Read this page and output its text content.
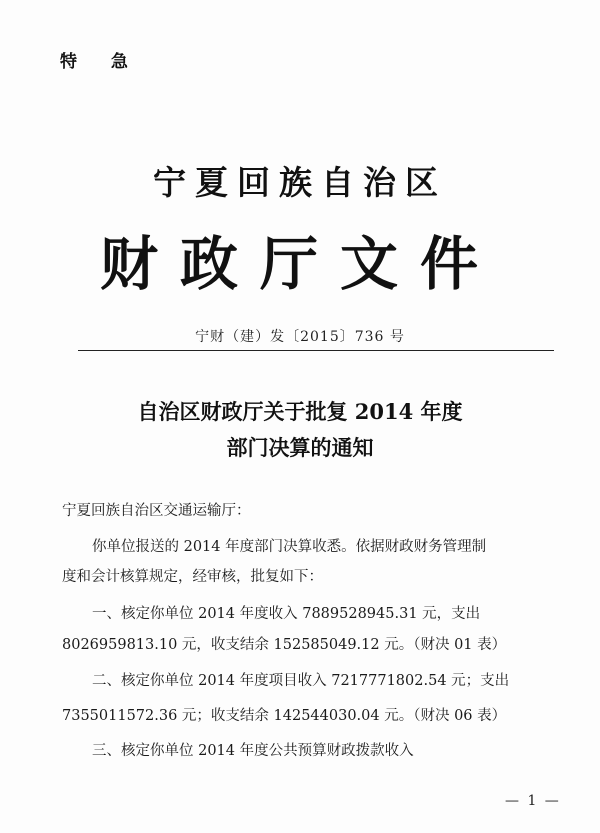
特 急
宁夏回族自治区
财政厅文件
宁财（建）发〔2015〕736 号
自治区财政厅关于批复 2014 年度
部门决算的通知
宁夏回族自治区交通运输厅：
你单位报送的 2014 年度部门决算收悉。依据财政财务管理制
度和会计核算规定，经审核，批复如下：
一、核定你单位 2014 年度收入 7889528945.31 元，支出
8026959813.10 元，收支结余 152585049.12 元。（财决 01 表）
二、核定你单位 2014 年度项目收入 7217771802.54 元；支出
7355011572.36 元；收支结余 142544030.04 元。（财决 06 表）
三、核定你单位 2014 年度公共预算财政拨款收入
— 1 —
